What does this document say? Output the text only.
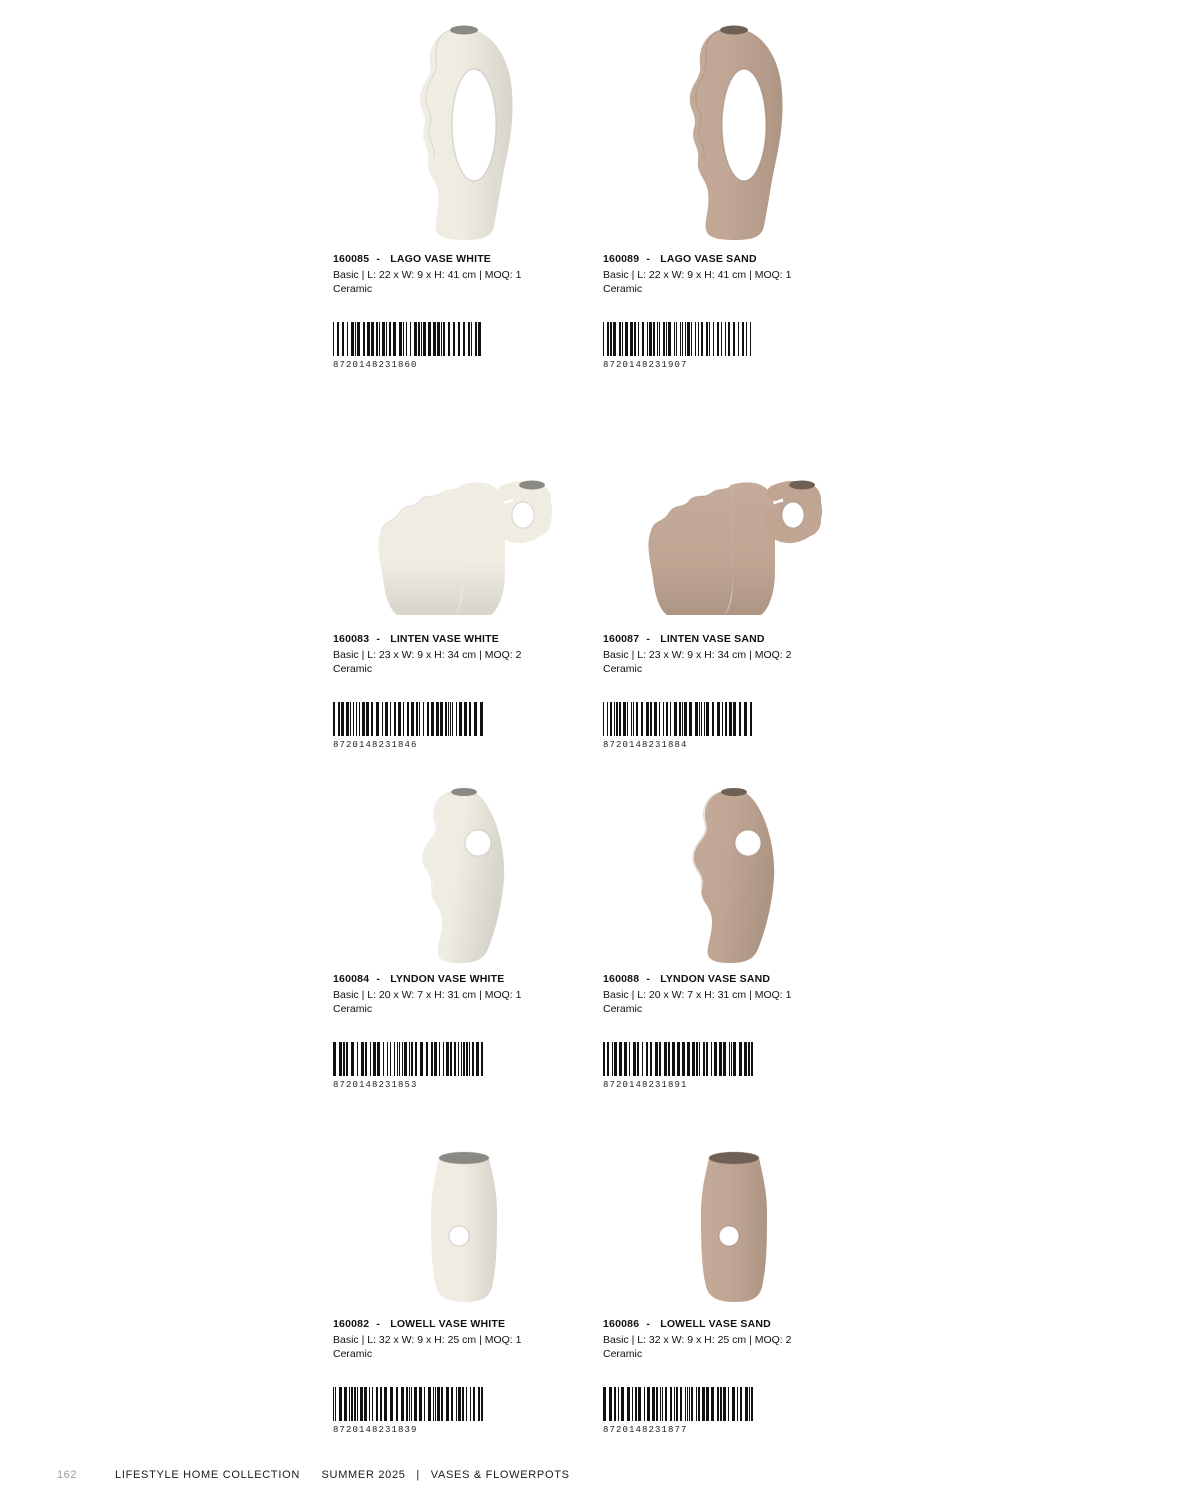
160085 - LAGO VASE WHITE
Basic | L: 22 x W: 9 x H: 41 cm | MOQ: 1
Ceramic
8720148231860
160089 - LAGO VASE SAND
Basic | L: 22 x W: 9 x H: 41 cm | MOQ: 1
Ceramic
8720148231907
160083 - LINTEN VASE WHITE
Basic | L: 23 x W: 9 x H: 34 cm | MOQ: 2
Ceramic
8720148231846
160087 - LINTEN VASE SAND
Basic | L: 23 x W: 9 x H: 34 cm | MOQ: 2
Ceramic
8720148231884
160084 - LYNDON VASE WHITE
Basic | L: 20 x W: 7 x H: 31 cm | MOQ: 1
Ceramic
8720148231853
160088 - LYNDON VASE SAND
Basic | L: 20 x W: 7 x H: 31 cm | MOQ: 1
Ceramic
8720148231891
160082 - LOWELL VASE WHITE
Basic | L: 32 x W: 9 x H: 25 cm | MOQ: 1
Ceramic
8720148231839
160086 - LOWELL VASE SAND
Basic | L: 32 x W: 9 x H: 25 cm | MOQ: 2
Ceramic
8720148231877
162	LIFESTYLE HOME COLLECTION SUMMER 2025 | VASES & FLOWERPOTS
